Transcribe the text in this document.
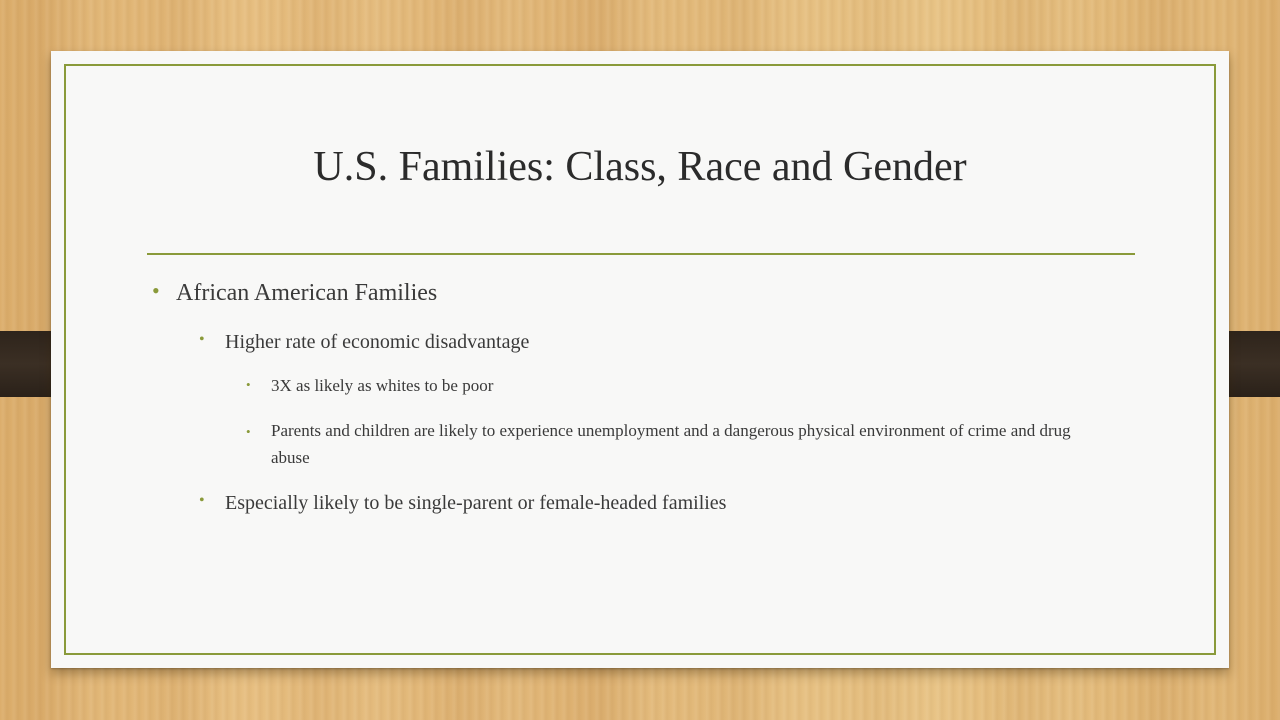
U.S. Families: Class, Race and Gender
• African American Families
• Higher rate of economic disadvantage
• 3X as likely as whites to be poor
• Parents and children are likely to experience unemployment and a dangerous physical environment of crime and drug abuse
• Especially likely to be single-parent or female-headed families
